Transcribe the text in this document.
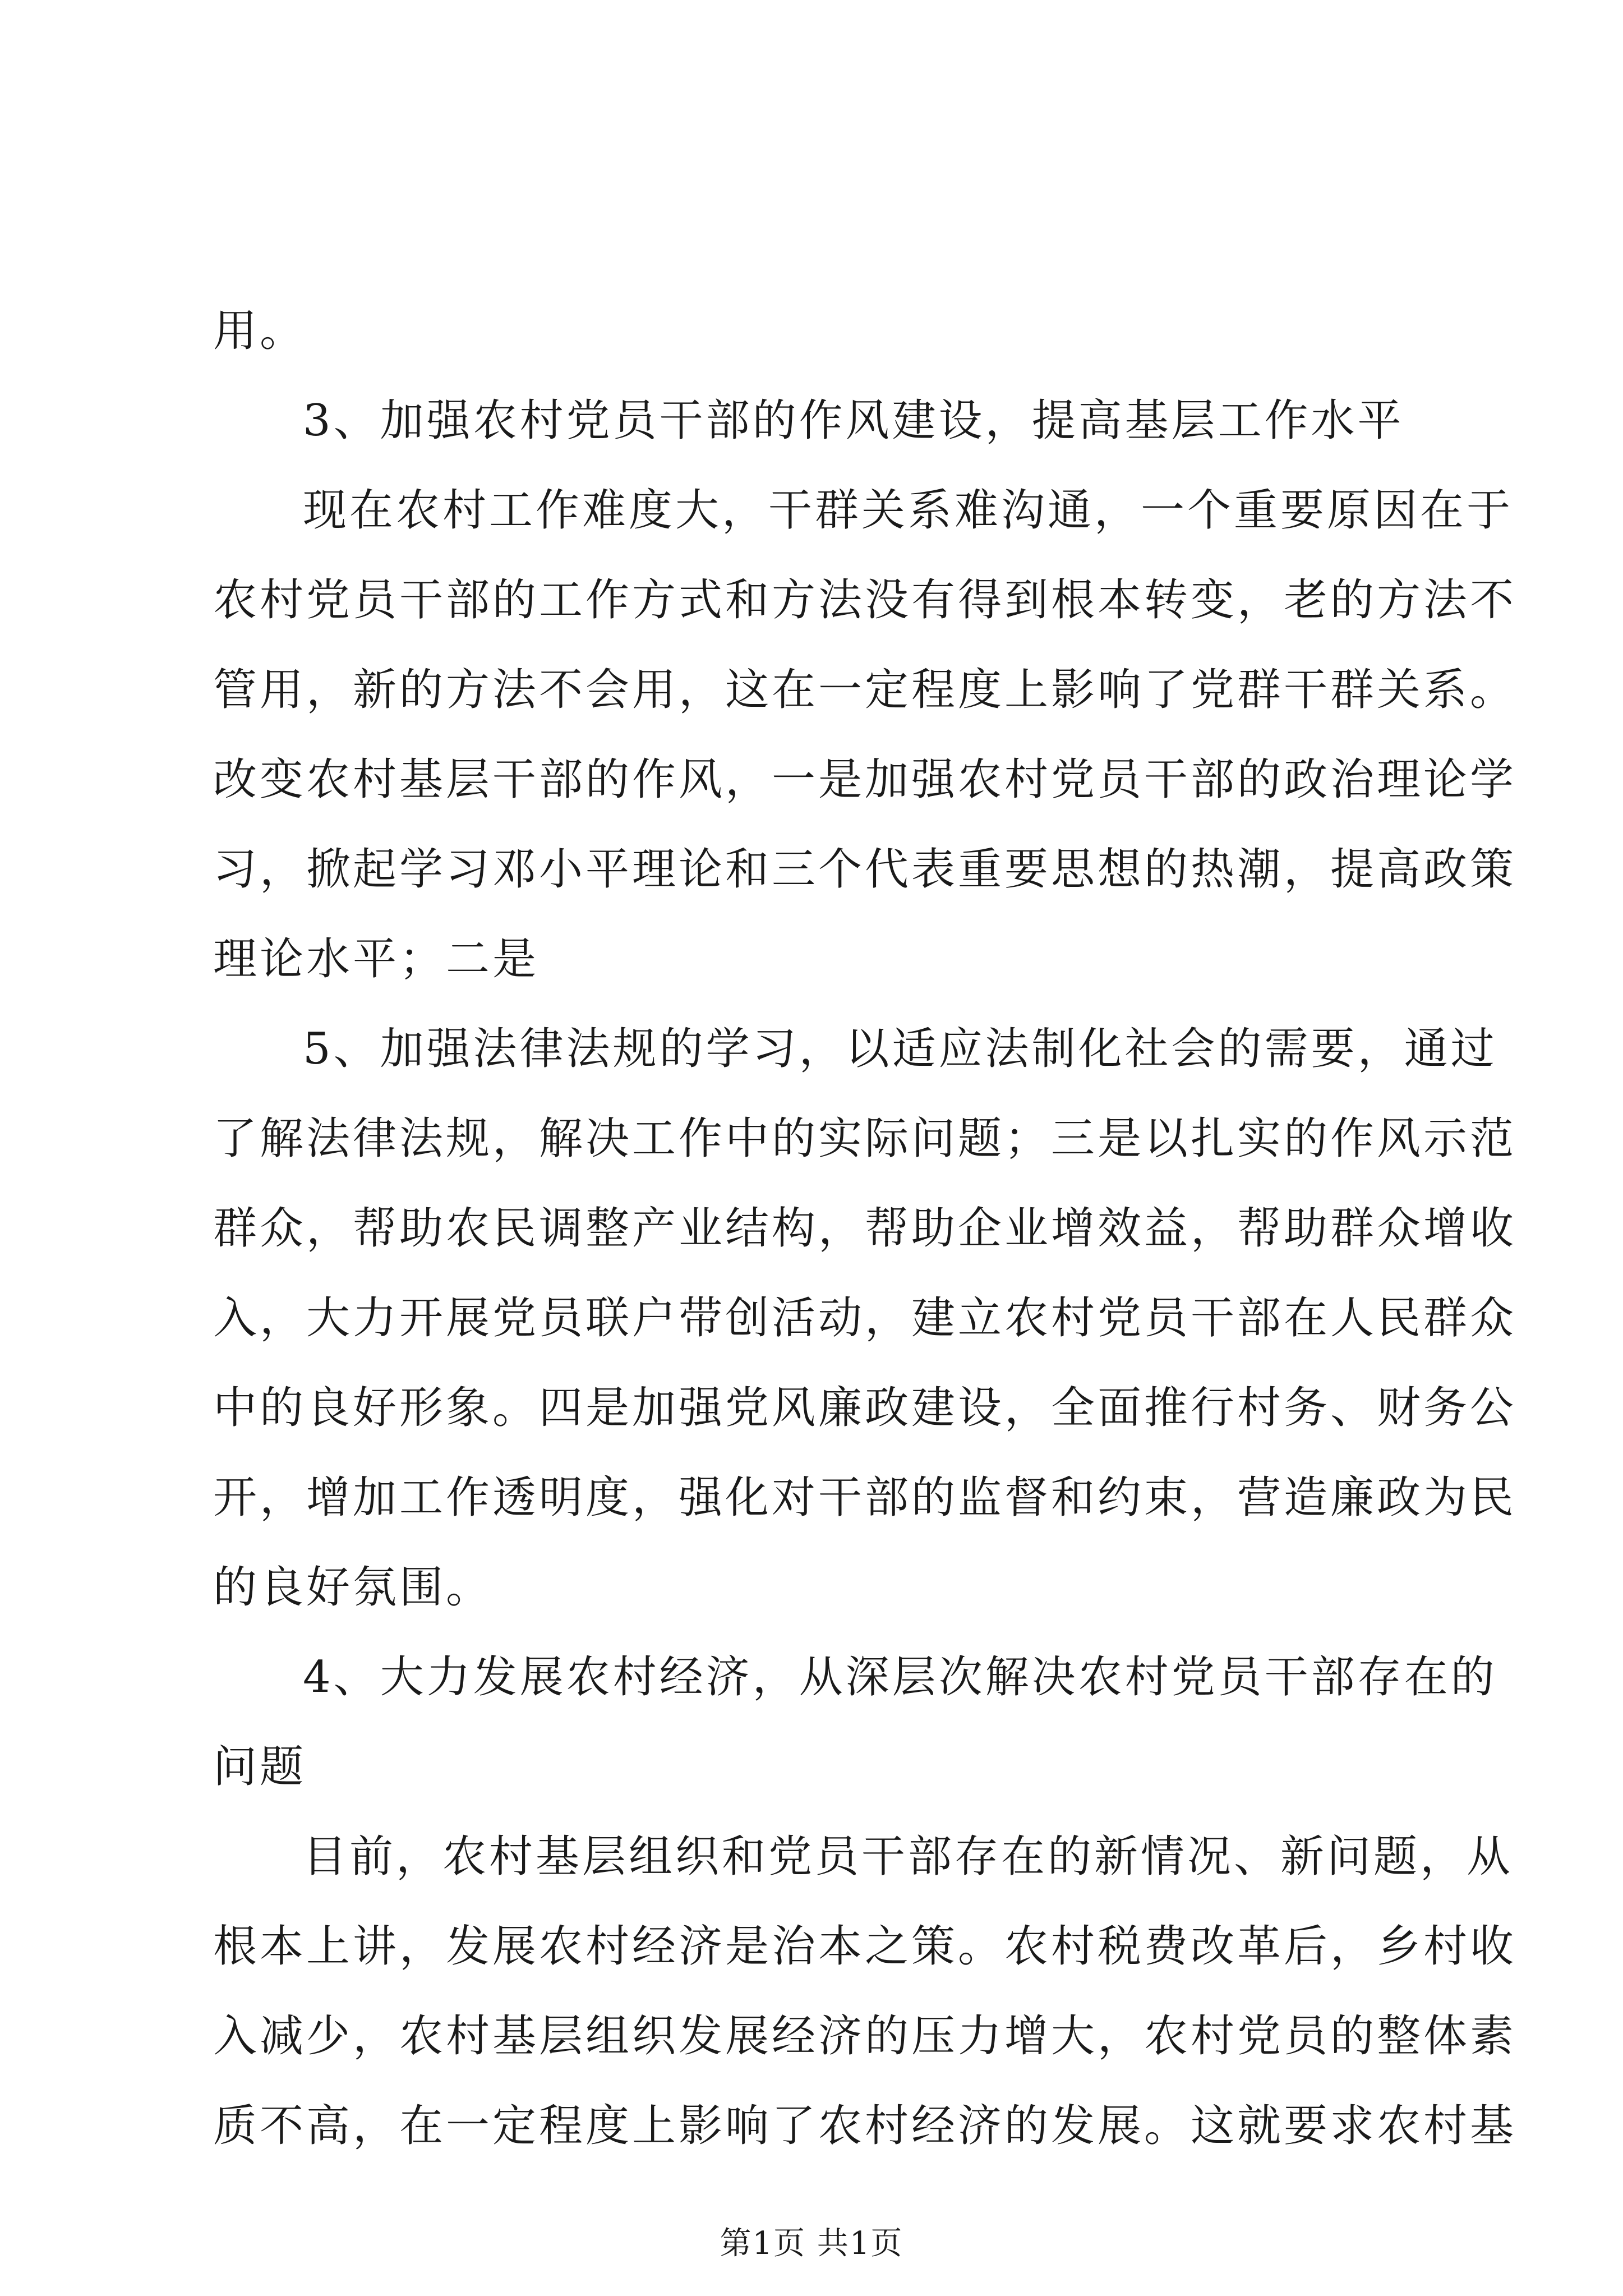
用。
3、加强农村党员干部的作风建设，提高基层工作水平
现在农村工作难度大，干群关系难沟通，一个重要原因在于
农村党员干部的工作方式和方法没有得到根本转变，老的方法不
管用，新的方法不会用，这在一定程度上影响了党群干群关系。
改变农村基层干部的作风，一是加强农村党员干部的政治理论学
习，掀起学习邓小平理论和三个代表重要思想的热潮，提高政策
理论水平；二是
5、加强法律法规的学习，以适应法制化社会的需要，通过
了解法律法规，解决工作中的实际问题；三是以扎实的作风示范
群众，帮助农民调整产业结构，帮助企业增效益，帮助群众增收
入，大力开展党员联户带创活动，建立农村党员干部在人民群众
中的良好形象。四是加强党风廉政建设，全面推行村务、财务公
开，增加工作透明度，强化对干部的监督和约束，营造廉政为民
的良好氛围。
4、大力发展农村经济，从深层次解决农村党员干部存在的
问题
目前，农村基层组织和党员干部存在的新情况、新问题，从
根本上讲，发展农村经济是治本之策。农村税费改革后，乡村收
入减少，农村基层组织发展经济的压力增大，农村党员的整体素
质不高，在一定程度上影响了农村经济的发展。这就要求农村基
第1页 共1页
